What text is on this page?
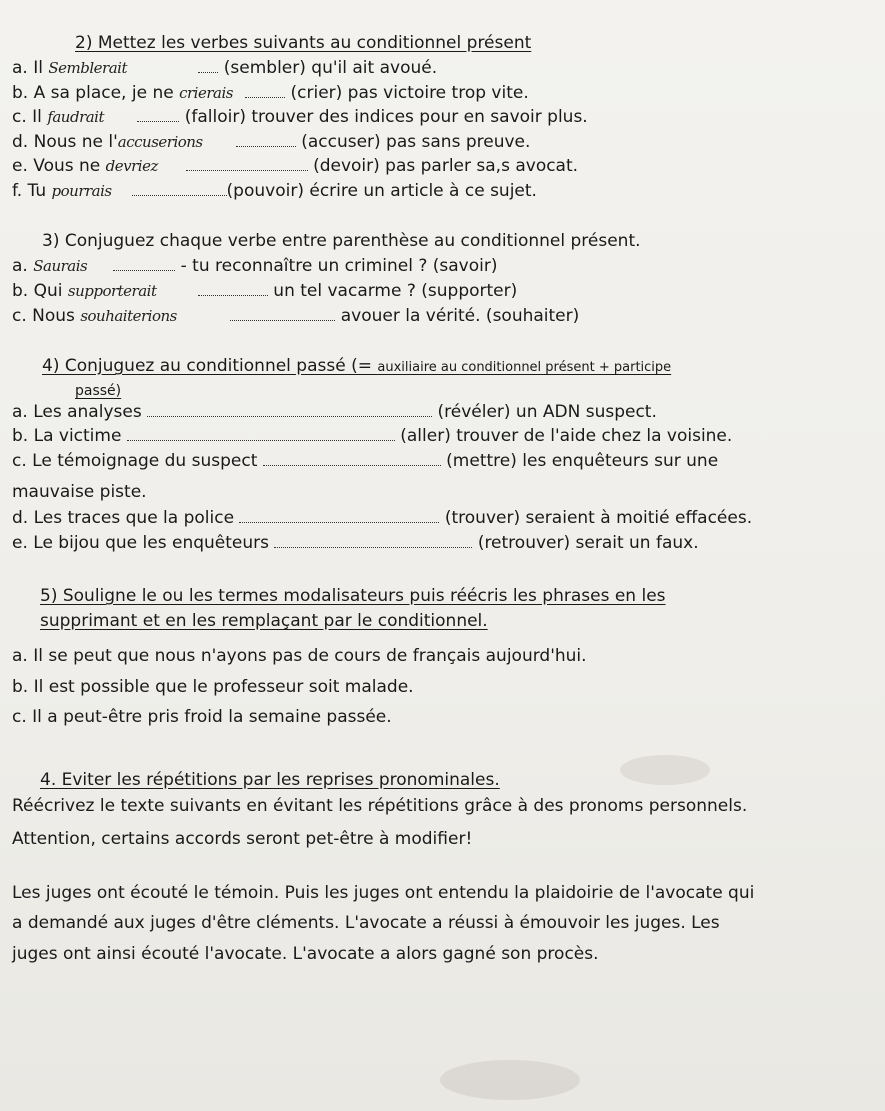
2) Mettez les verbes suivants au conditionnel présent
a. Il Semblerait	(sembler) qu'il ait avoué.
b. A sa place, je ne crierais	(crier) pas victoire trop vite.
c. Il faudrait	(falloir) trouver des indices pour en savoir plus.
d. Nous ne l'accuserions	(accuser) pas sans preuve.
e. Vous ne devriez	(devoir) pas parler sa,s avocat.
f. Tu pourrais	(pouvoir) écrire un article à ce sujet.
3) Conjuguez chaque verbe entre parenthèse au conditionnel présent.
a. Saurais	- tu reconnaître un criminel ? (savoir)
b. Qui supporterait	un tel vacarme ? (supporter)
c. Nous souhaiterions	avouer la vérité. (souhaiter)
4) Conjuguez au conditionnel passé (= auxiliaire au conditionnel présent + participe
passé)
a. Les analyses	(révéler) un ADN suspect.
b. La victime	(aller) trouver de l'aide chez la voisine.
c. Le témoignage du suspect	(mettre) les enquêteurs sur une
mauvaise piste.
d. Les traces que la police	(trouver) seraient à moitié effacées.
e. Le bijou que les enquêteurs	(retrouver) serait un faux.
5) Souligne le ou les termes modalisateurs puis réécris les phrases en les
supprimant et en les remplaçant par le conditionnel.
a. Il se peut que nous n'ayons pas de cours de français aujourd'hui.
b. Il est possible que le professeur soit malade.
c. Il a peut-être pris froid la semaine passée.
4. Eviter les répétitions par les reprises pronominales.
Réécrivez le texte suivants en évitant les répétitions grâce à des pronoms personnels.
Attention, certains accords seront pet-être à modifier!
Les juges ont écouté le témoin. Puis les juges ont entendu la plaidoirie de l'avocate qui
a demandé aux juges d'être cléments. L'avocate a réussi à émouvoir les juges. Les
juges ont ainsi écouté l'avocate. L'avocate a alors gagné son procès.
